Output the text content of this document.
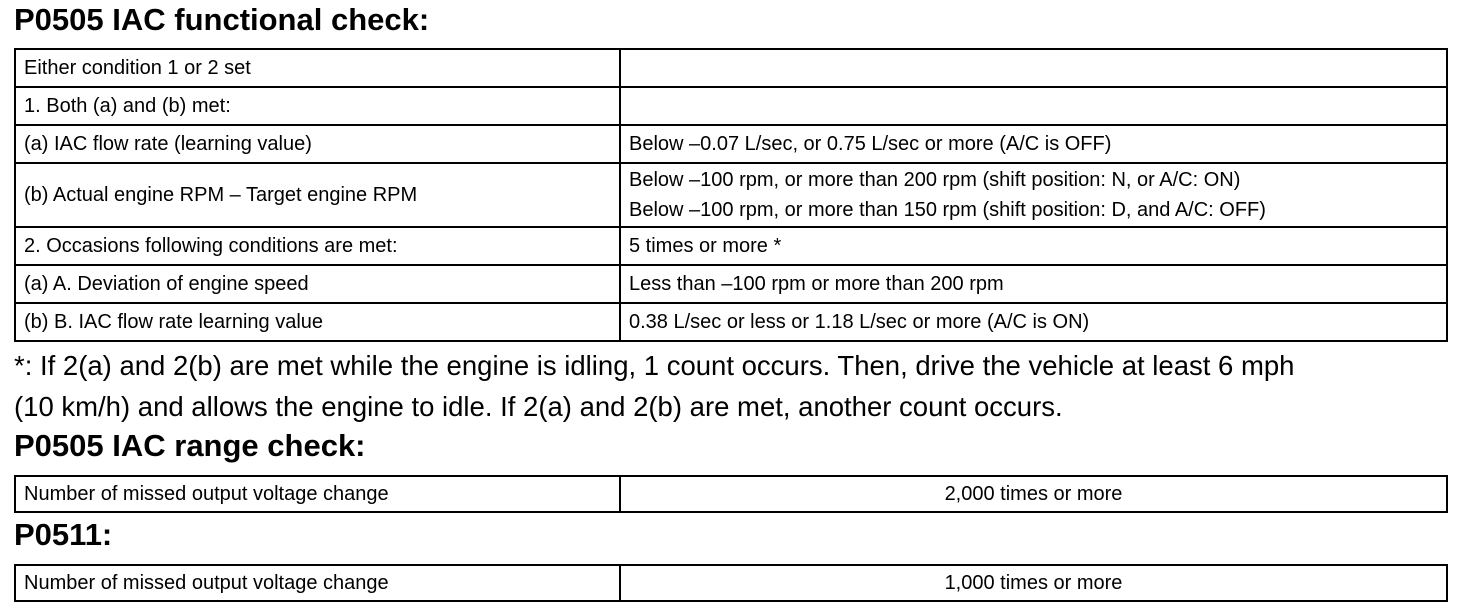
P0505 IAC functional check:
Either condition 1 or 2 set	
1. Both (a) and (b) met:	
(a) IAC flow rate (learning value)	Below –0.07 L/sec, or 0.75 L/sec or more (A/C is OFF)
(b) Actual engine RPM – Target engine RPM	Below –100 rpm, or more than 200 rpm (shift position: N, or A/C: ON)
Below –100 rpm, or more than 150 rpm (shift position: D, and A/C: OFF)

2. Occasions following conditions are met:	5 times or more *
(a) A. Deviation of engine speed	Less than –100 rpm or more than 200 rpm
(b) B. IAC flow rate learning value	0.38 L/sec or less or 1.18 L/sec or more (A/C is ON)

*: If 2(a) and 2(b) are met while the engine is idling, 1 count occurs. Then, drive the vehicle at least 6 mph
(10 km/h) and allows the engine to idle. If 2(a) and 2(b) are met, another count occurs.

P0505 IAC range check:
Number of missed output voltage change	2,000 times or more
P0511:
Number of missed output voltage change	1,000 times or more
